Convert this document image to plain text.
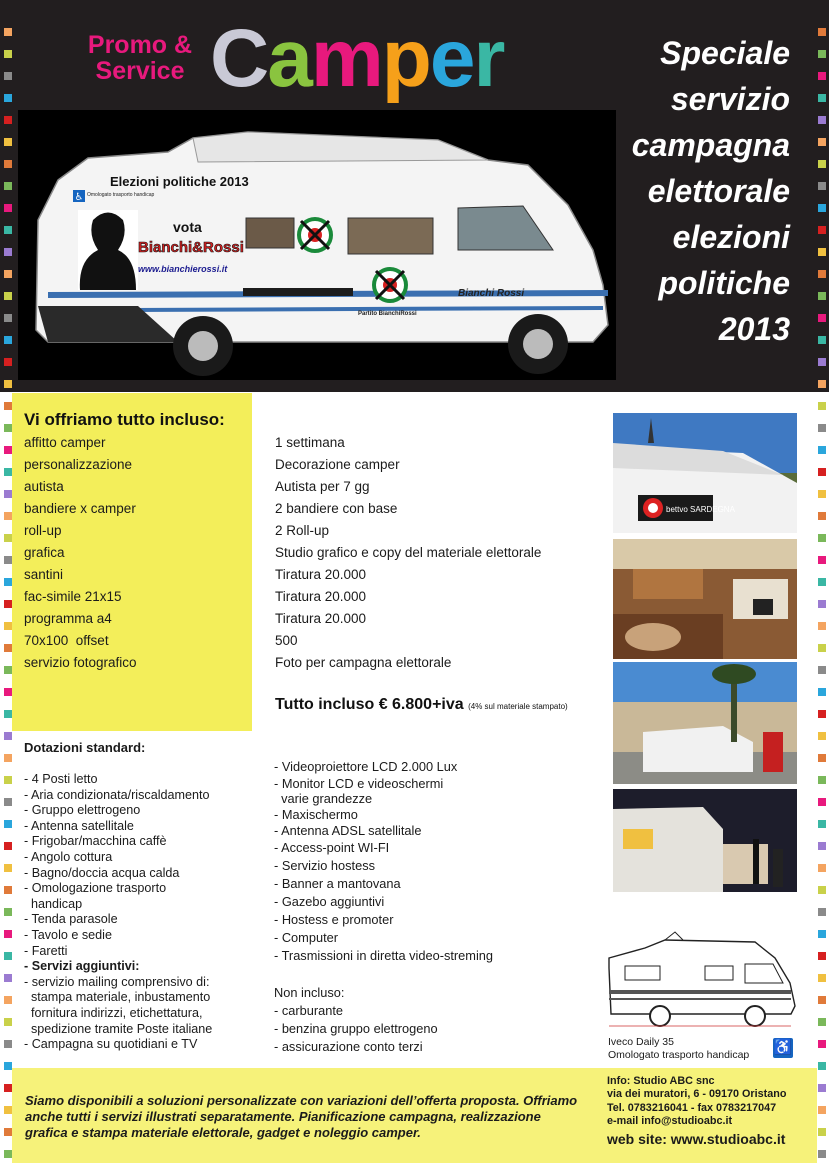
Promo &
Service Camper	Speciale
servizio
campagna
elettorale
elezioni
politiche
2013
♿
Elezioni politiche 2013
Omologato trasporto handicap
vota
Bianchi&Rossi
www.bianchierossi.it
Partito BianchiRossi
Bianchi Rossi
Vi offriamo tutto incluso:
affitto camper	1 settimana
personalizzazione	Decorazione camper
autista	Autista per 7 gg
bandiere x camper	2 bandiere con base
roll-up	2 Roll-up
grafica	Studio grafico e copy del materiale elettorale
santini	Tiratura 20.000
fac-simile 21x15	Tiratura 20.000
programma a4	Tiratura 20.000
70x100  offset	500
servizio fotografico	Foto per campagna elettorale
Tutto incluso € 6.800+iva (4% sul materiale stampato)
bettvo SARDEGNA
Dotazioni standard:
- 4 Posti letto
- Aria condizionata/riscaldamento
- Gruppo elettrogeno
- Antenna satellitale
- Frigobar/macchina caffè
- Angolo cottura
- Bagno/doccia acqua calda
- Omologazione trasporto
handicap
- Tenda parasole
- Tavolo e sedie
- Faretti
- Servizi aggiuntivi:
- servizio mailing comprensivo di:
stampa materiale, inbustamento
fornitura indirizzi, etichettatura,
spedizione tramite Poste italiane
- Campagna su quotidiani e TV
- Videoproiettore LCD 2.000 Lux
- Monitor LCD e videoschermi
varie grandezze
- Maxischermo
- Antenna ADSL satellitale
- Access-point WI-FI
- Servizio hostess
- Banner a mantovana
- Gazebo aggiuntivi
- Hostess e promoter
- Computer
- Trasmissioni in diretta video-streming
Non incluso:
- carburante
- benzina gruppo elettrogeno
- assicurazione conto terzi	Iveco Daily 35
Omologato trasporto handicap ♿
Siamo disponibili a soluzioni personalizzate con variazioni dell’offerta proposta. Offriamo anche tutti i servizi illustrati separatamente. Pianificazione campagna, realizzazione grafica e stampa materiale elettorale, gadget e noleggio camper.
Info: Studio ABC snc
via dei muratori, 6 - 09170 Oristano
Tel. 0783216041 - fax 0783217047
e-mail info@studioabc.it
web site: www.studioabc.it
